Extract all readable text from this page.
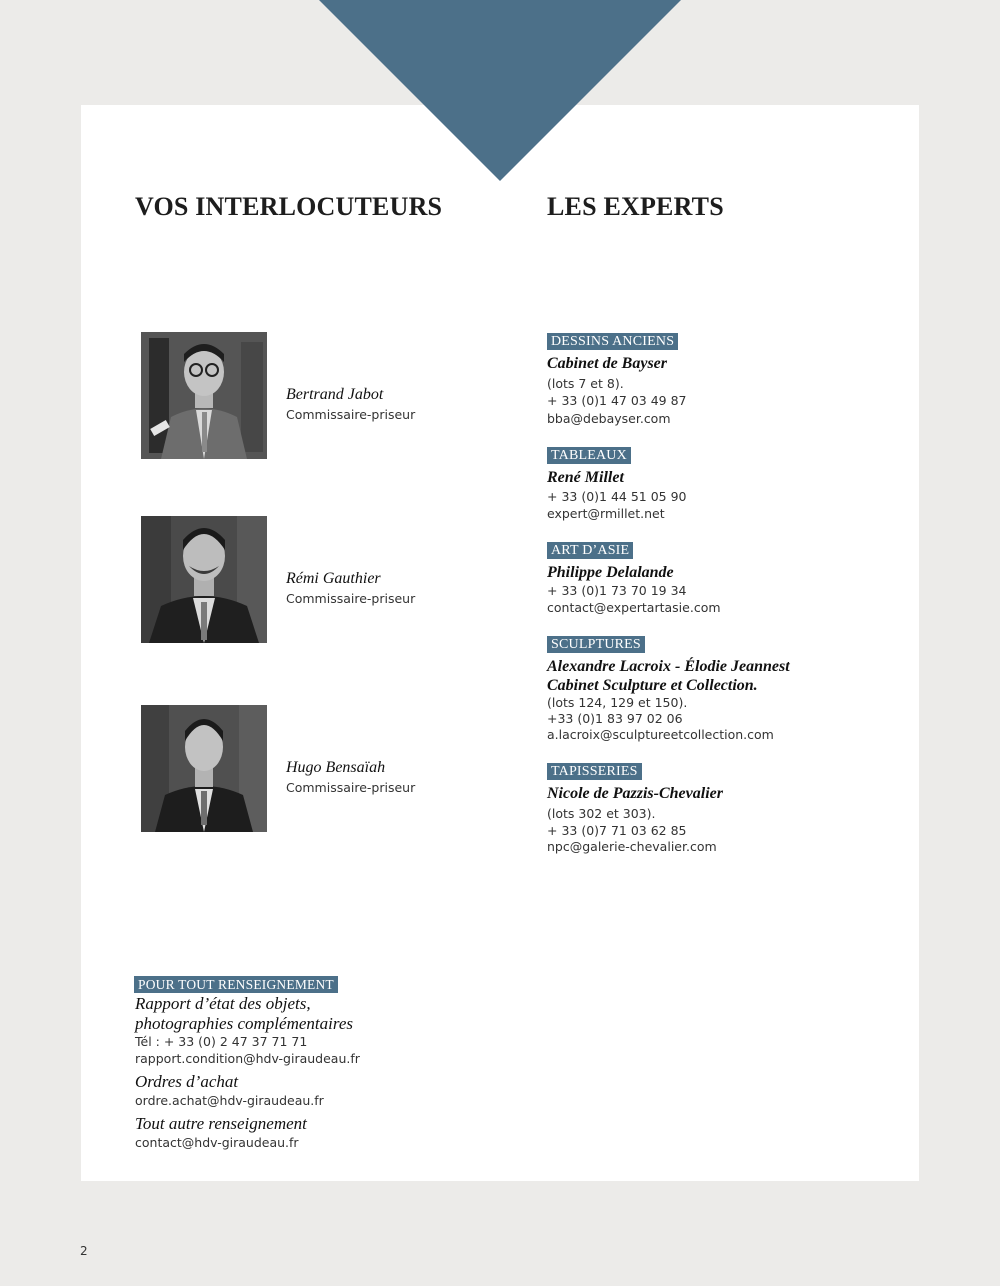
VOS INTERLOCUTEURS	LES EXPERTS
Bertrand Jabot
Commissaire-priseur
Rémi Gauthier
Commissaire-priseur
Hugo Bensaïah
Commissaire-priseur
DESSINS ANCIENS
Cabinet de Bayser
(lots 7 et 8).
+ 33 (0)1 47 03 49 87
bba@debayser.com
TABLEAUX
René Millet
+ 33 (0)1 44 51 05 90
expert@rmillet.net
ART D’ASIE
Philippe Delalande
+ 33 (0)1 73 70 19 34
contact@expertartasie.com
SCULPTURES
Alexandre Lacroix - Élodie Jeannest
Cabinet Sculpture et Collection.
(lots 124, 129 et 150).
+33 (0)1 83 97 02 06
a.lacroix@sculptureetcollection.com
TAPISSERIES
Nicole de Pazzis-Chevalier
(lots 302 et 303).
+ 33 (0)7 71 03 62 85
npc@galerie-chevalier.com
POUR TOUT RENSEIGNEMENT
Rapport d’état des objets,
photographies complémentaires
Tél : + 33 (0) 2 47 37 71 71
rapport.condition@hdv-giraudeau.fr
Ordres d’achat
ordre.achat@hdv-giraudeau.fr
Tout autre renseignement
contact@hdv-giraudeau.fr
2
